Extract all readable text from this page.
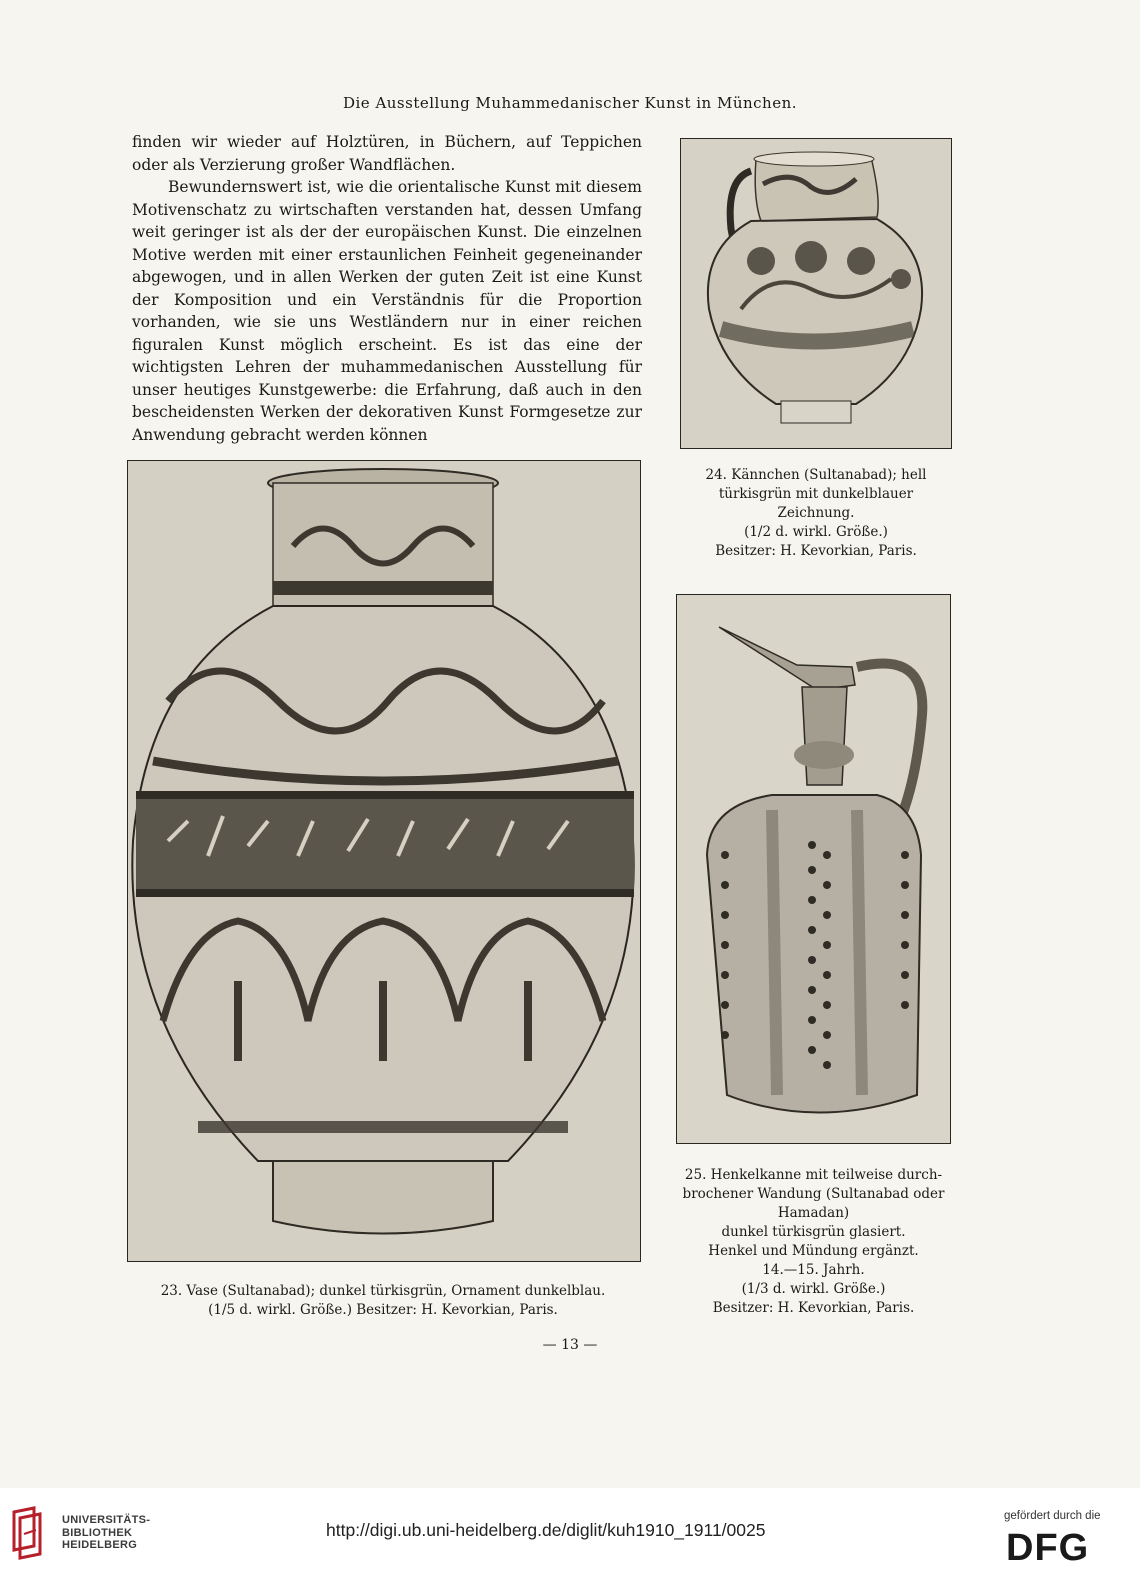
Die Ausstellung Muhammedanischer Kunst in München.

finden wir wieder auf Holztüren, in Büchern, auf Teppichen oder als Verzierung großer Wandflächen.

Bewundernswert ist, wie die orientalische Kunst mit diesem Motivenschatz zu wirtschaften verstanden hat, dessen Umfang weit geringer ist als der der europäischen Kunst. Die einzelnen Motive werden mit einer erstaunlichen Feinheit gegeneinander abgewogen, und in allen Werken der guten Zeit ist eine Kunst der Komposition und ein Verständnis für die Proportion vorhanden, wie sie uns Westländern nur in einer reichen figuralen Kunst möglich erscheint. Es ist das eine der wichtigsten Lehren der muhammedanischen Ausstellung für unser heutiges Kunstgewerbe: die Erfahrung, daß auch in den bescheidensten Werken der dekorativen Kunst Formgesetze zur Anwendung gebracht werden können

24. Kännchen (Sultanabad); hell
türkisgrün mit dunkelblauer Zeichnung.
(1/2 d. wirkl. Größe.)
Besitzer: H. Kevorkian, Paris.
23. Vase (Sultanabad); dunkel türkisgrün, Ornament dunkelblau.
(1/5 d. wirkl. Größe.) Besitzer: H. Kevorkian, Paris.
25. Henkelkanne mit teilweise durch-
brochener Wandung (Sultanabad oder
Hamadan)
dunkel türkisgrün glasiert.
Henkel und Mündung ergänzt.
14.—15. Jahrh.
(1/3 d. wirkl. Größe.)
Besitzer: H. Kevorkian, Paris.
— 13 —
UNIVERSITÄTS-
BIBLIOTHEK
HEIDELBERG
http://digi.ub.uni-heidelberg.de/diglit/kuh1910_1911/0025
gefördert durch die
DFG
